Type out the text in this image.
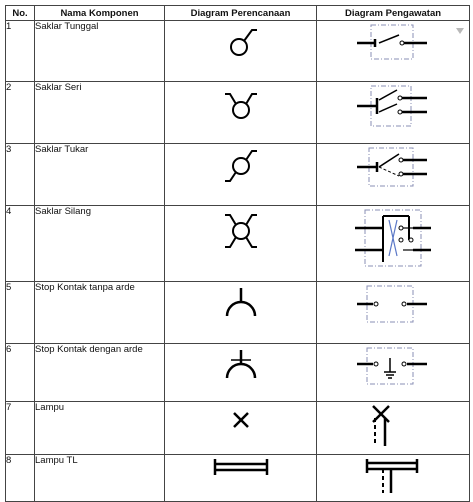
No.	Nama Komponen	Diagram Perencanaan	Diagram Pengawatan
1	Saklar Tunggal	

2	Saklar Seri	

3	Saklar Tukar	

4	Saklar Silang	

5	Stop Kontak tanpa arde	

6	Stop Kontak dengan arde	

7	Lampu	

8	Lampu TL	
